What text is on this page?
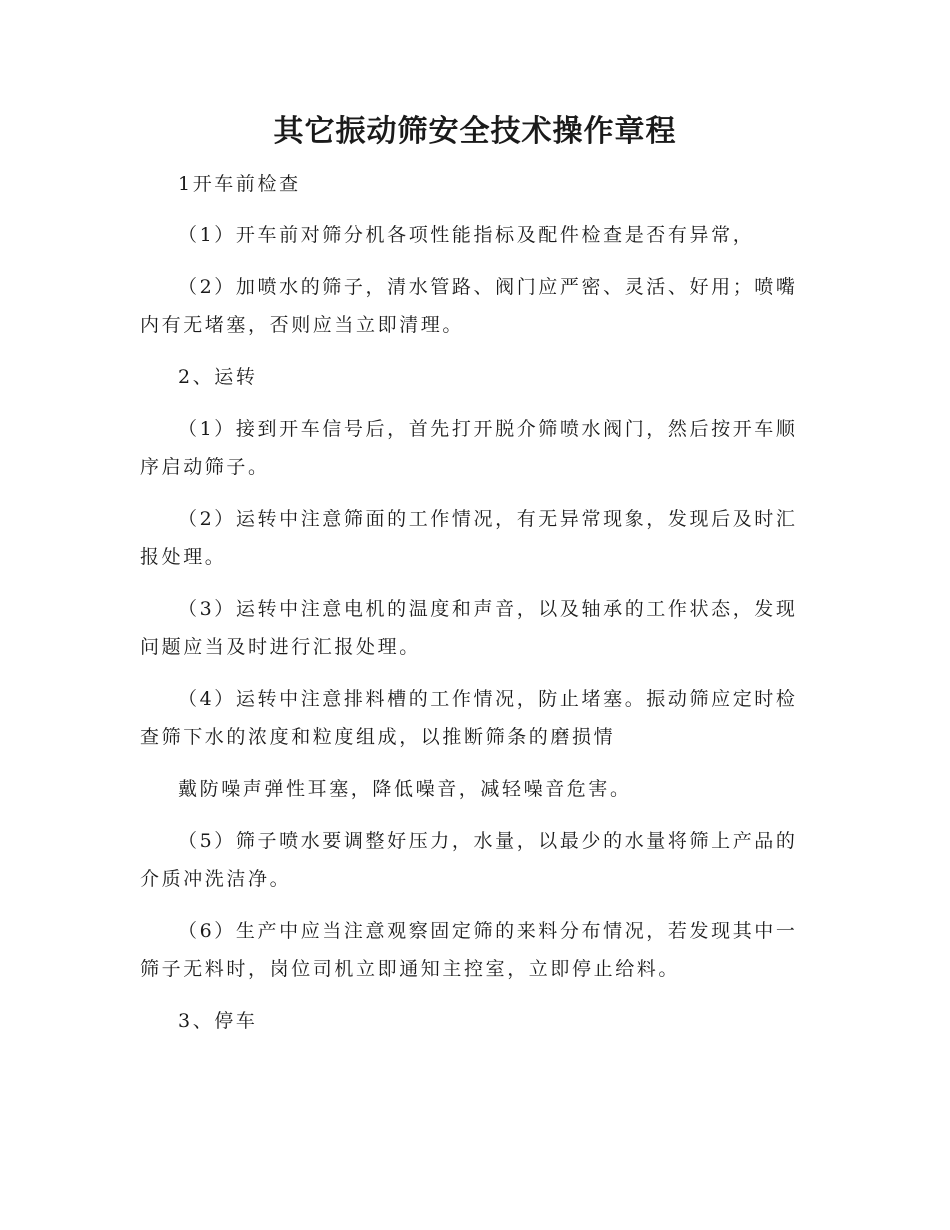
其它振动筛安全技术操作章程

1开车前检查

（1）开车前对筛分机各项性能指标及配件检查是否有异常，

（2）加喷水的筛子，清水管路、阀门应严密、灵活、好用；喷嘴内有无堵塞，否则应当立即清理。

2、运转

（1）接到开车信号后，首先打开脱介筛喷水阀门，然后按开车顺序启动筛子。

（2）运转中注意筛面的工作情况，有无异常现象，发现后及时汇报处理。

（3）运转中注意电机的温度和声音，以及轴承的工作状态，发现问题应当及时进行汇报处理。

（4）运转中注意排料槽的工作情况，防止堵塞。振动筛应定时检查筛下水的浓度和粒度组成，以推断筛条的磨损情

戴防噪声弹性耳塞，降低噪音，减轻噪音危害。

（5）筛子喷水要调整好压力，水量，以最少的水量将筛上产品的介质冲洗洁净。

（6）生产中应当注意观察固定筛的来料分布情况，若发现其中一筛子无料时，岗位司机立即通知主控室，立即停止给料。

3、停车
